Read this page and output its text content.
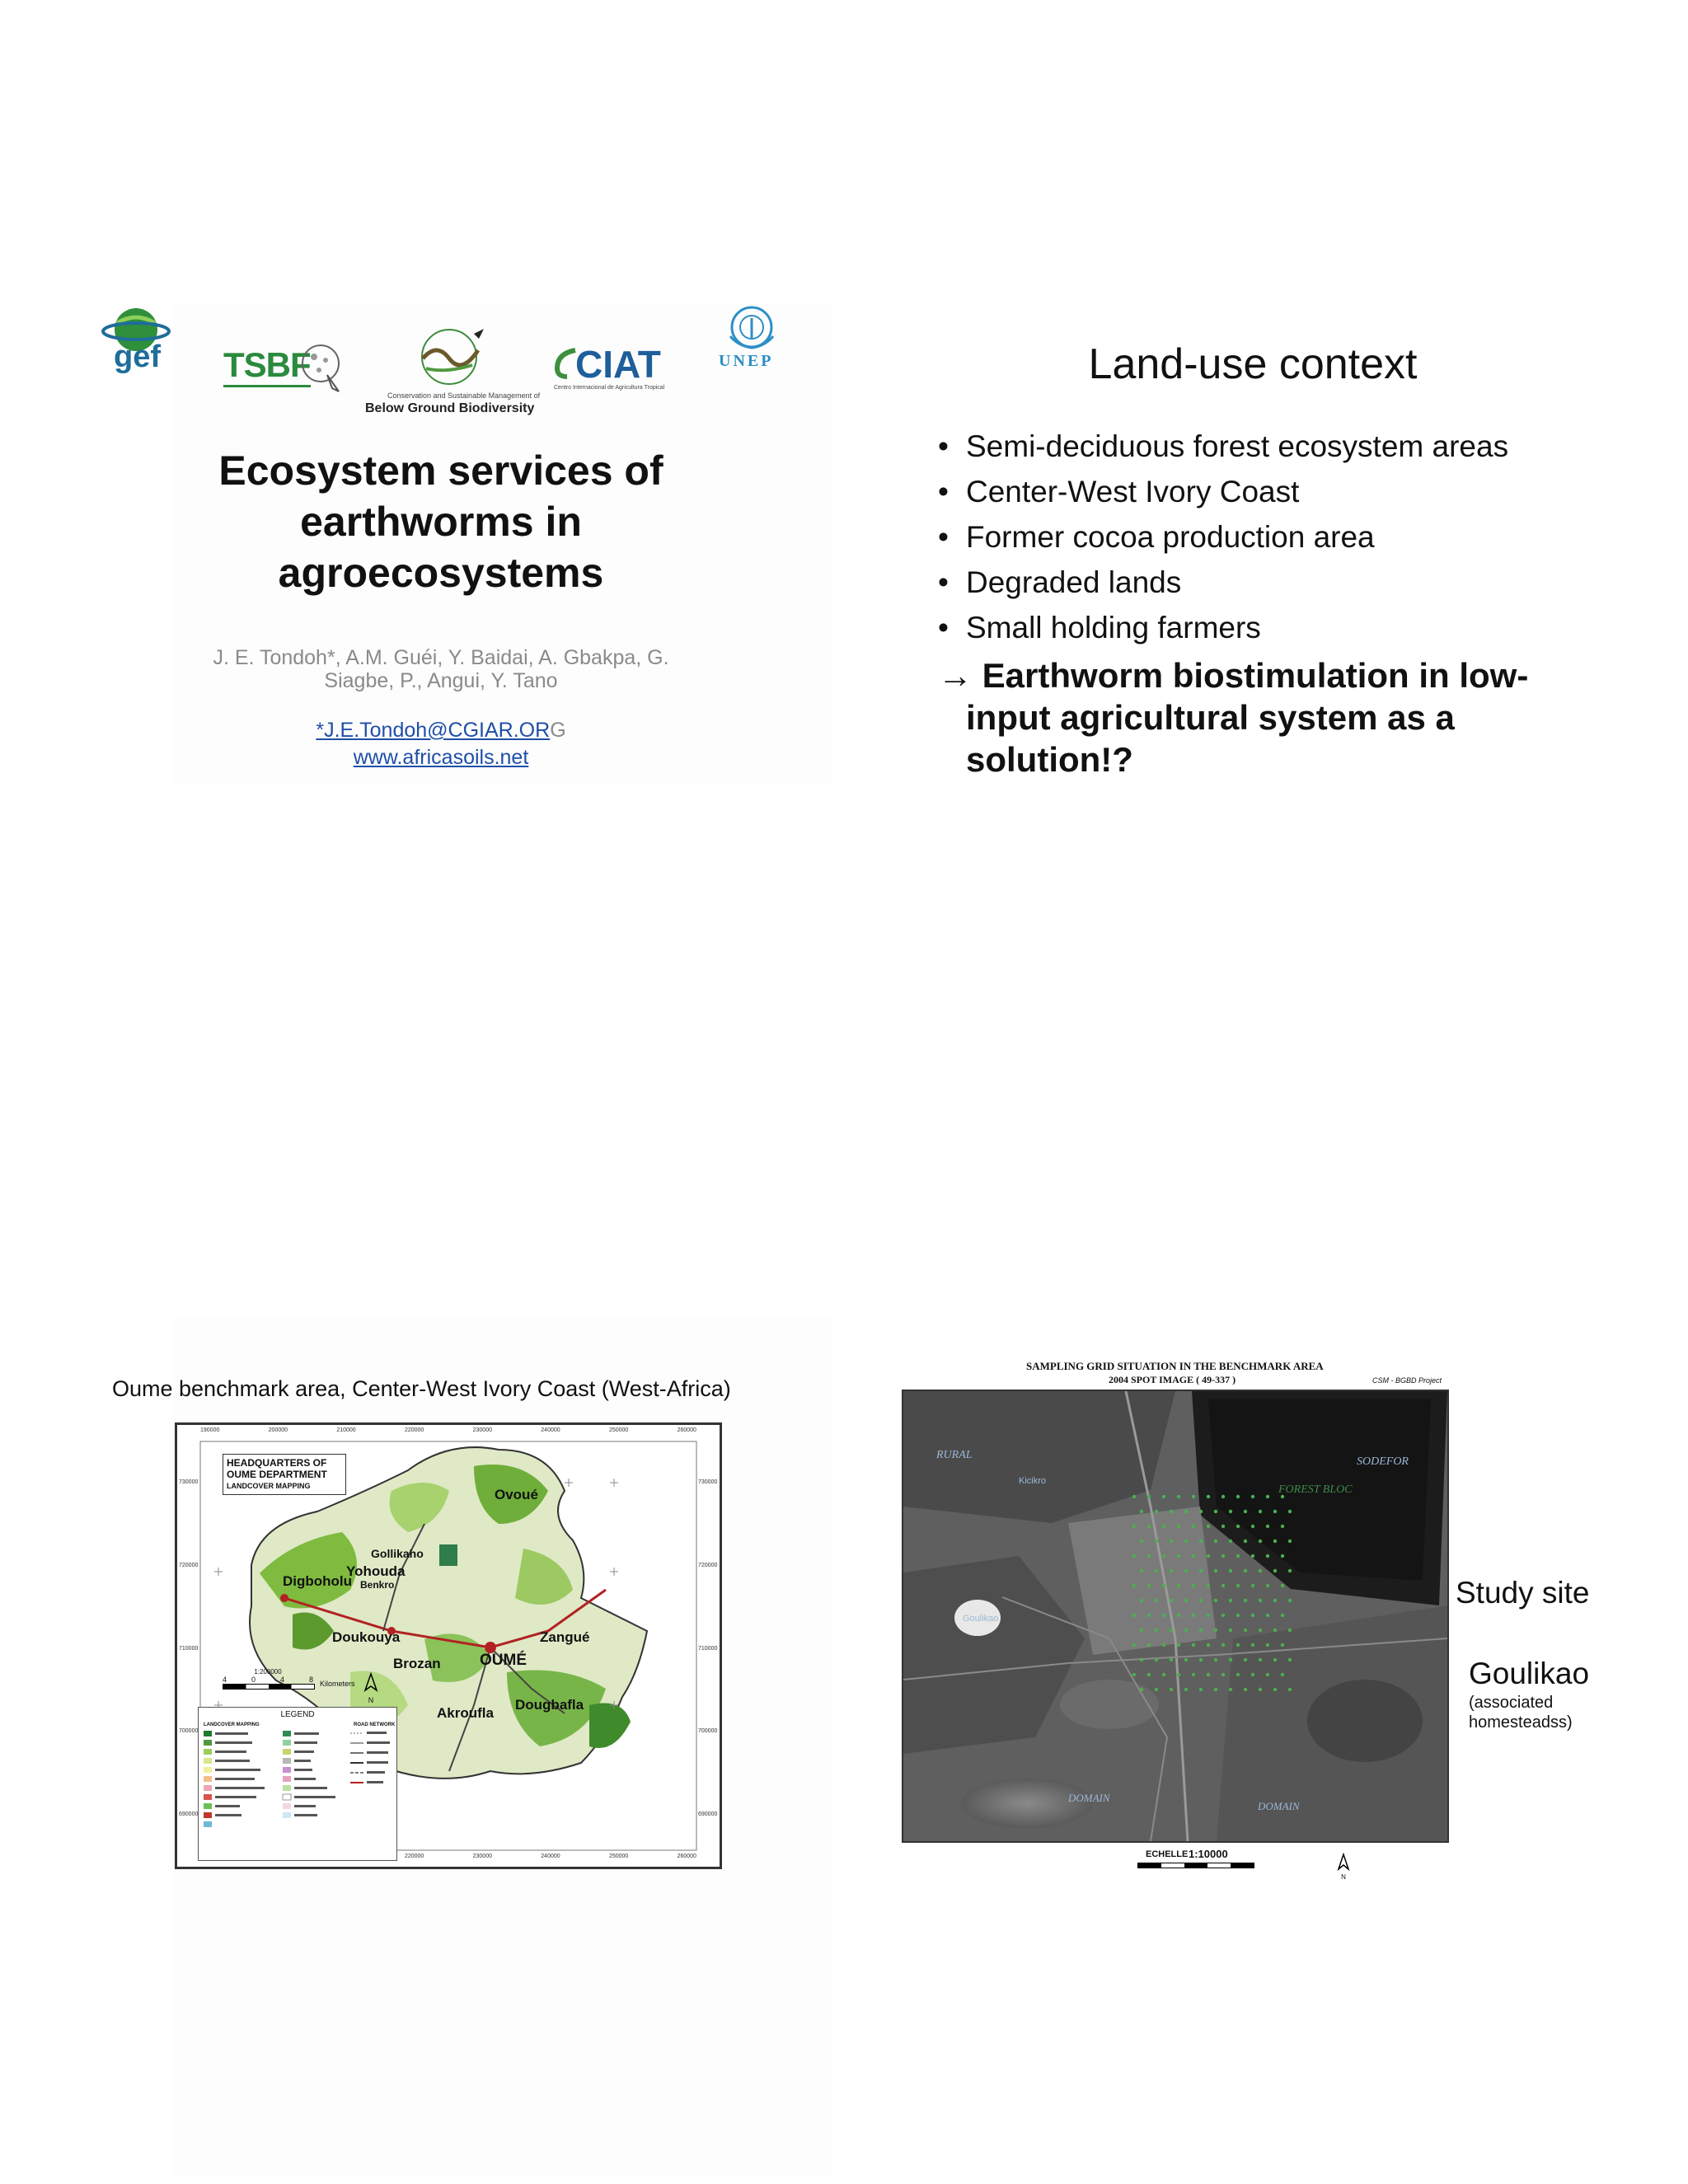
gef TSBF
Conservation and Sustainable Management of
Below Ground Biodiversity
CIAT
Centro Internacional de Agricultura Tropical
UNEP
Ecosystem services of
earthworms in
agroecosystems
J. E. Tondoh*, A.M. Guéi, Y. Baidai, A. Gbakpa, G.
Siagbe, P., Angui, Y. Tano
*J.E.Tondoh@CGIAR.ORG
www.africasoils.net
Land-use context
• Semi-deciduous forest ecosystem areas
• Center-West Ivory Coast
• Former cocoa production area
• Degraded lands
• Small holding farmers
→ Earthworm biostimulation in low-
input agricultural system as a
solution!?
Oume benchmark area, Center-West Ivory Coast (West-Africa)
190000	200000	210000	220000	230000	240000	250000	260000
220000	230000	240000	250000	260000
730000
720000
710000
700000
690000
730000
720000
710000
700000
690000
HEADQUARTERS OF
OUME DEPARTMENT
LANDCOVER MAPPING
Ovoué
Gollikaho
Yohouda
Digboholu Benkro
Doukouya	Zangué
Brozan OUMÉ
Akroufla
Dougbafla
1:200000
4	0	4	8 Kilometers
N
LEGEND
LANDCOVER MAPPING	ROAD NETWORK
SAMPLING GRID SITUATION IN THE BENCHMARK AREA
2004 SPOT IMAGE ( 49-337 )	CSM - BGBD Project
RURAL
SODEFOR
FOREST BLOC
Kicikro
Goulikao
DOMAIN
DOMAIN
ECHELLE 1:10000
N
Study site
Goulikao
(associated
homesteadss)
